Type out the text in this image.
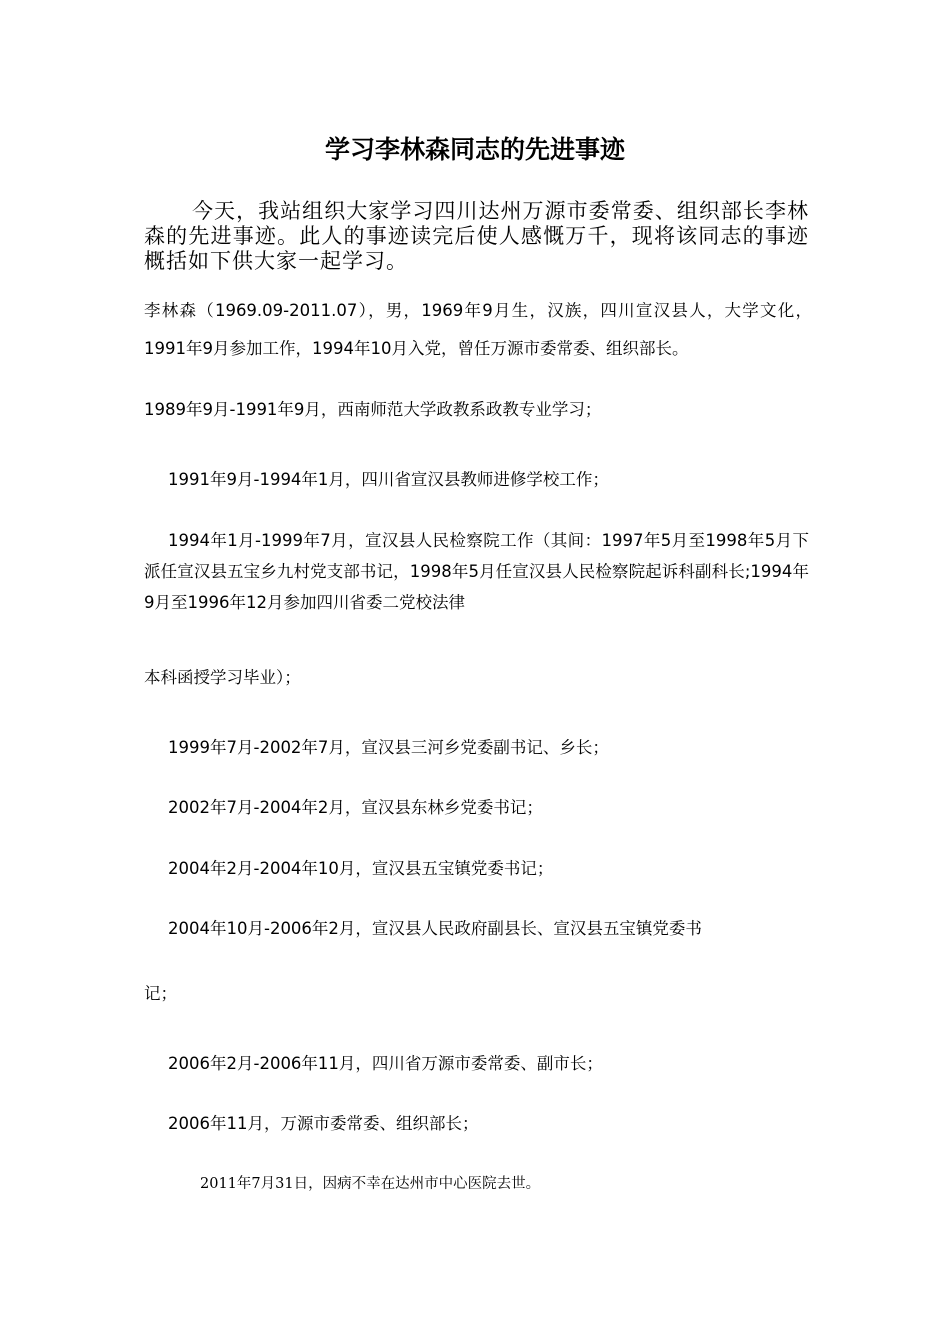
学习李林森同志的先进事迹
今天，我站组织大家学习四川达州万源市委常委、组织部长李林森的先进事迹。此人的事迹读完后使人感慨万千，现将该同志的事迹概括如下供大家一起学习。
李林森（1969.09-2011.07），男，1969年9月生，汉族，四川宣汉县人，大学文化，1991年9月参加工作，1994年10月入党，曾任万源市委常委、组织部长。
1989年9月-1991年9月，西南师范大学政教系政教专业学习；
1991年9月-1994年1月，四川省宣汉县教师进修学校工作；
1994年1月-1999年7月，宣汉县人民检察院工作（其间：1997年5月至1998年5月下派任宣汉县五宝乡九村党支部书记，1998年5月任宣汉县人民检察院起诉科副科长;1994年9月至1996年12月参加四川省委二党校法律
本科函授学习毕业）；
1999年7月-2002年7月，宣汉县三河乡党委副书记、乡长；
2002年7月-2004年2月，宣汉县东林乡党委书记；
2004年2月-2004年10月，宣汉县五宝镇党委书记；
2004年10月-2006年2月，宣汉县人民政府副县长、宣汉县五宝镇党委书
记；
2006年2月-2006年11月，四川省万源市委常委、副市长；
2006年11月，万源市委常委、组织部长；
2011年7月31日，因病不幸在达州市中心医院去世。
